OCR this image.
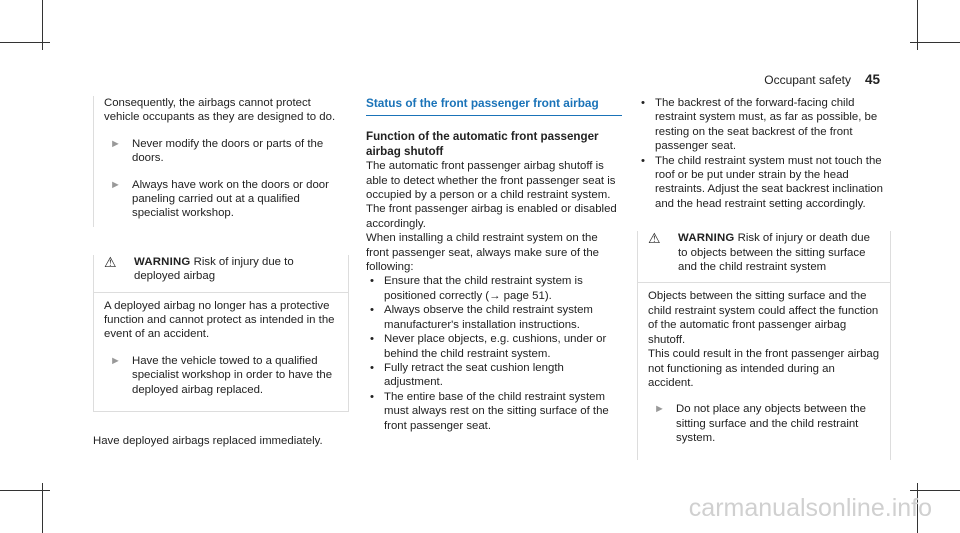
Occupant safety 45

Consequently, the airbags cannot protect vehicle occupants as they are designed to do.

► Never modify the doors or parts of the doors.
► Always have work on the doors or door paneling carried out at a qualified specialist workshop.
⚠	WARNING Risk of injury due to deployed airbag

A deployed airbag no longer has a protective function and cannot protect as intended in the event of an accident.

► Have the vehicle towed to a qualified specialist workshop in order to have the deployed airbag replaced.

Have deployed airbags replaced immediately.

Status of the front passenger front airbag
Function of the automatic front passenger airbag shutoff

The automatic front passenger airbag shutoff is able to detect whether the front passenger seat is occupied by a person or a child restraint system. The front passenger airbag is enabled or disabled accordingly.

When installing a child restraint system on the front passenger seat, always make sure of the following:

• Ensure that the child restraint system is positioned correctly (→ page 51).
• Always observe the child restraint system manufacturer's installation instructions.
• Never place objects, e.g. cushions, under or behind the child restraint system.
• Fully retract the seat cushion length adjustment.
• The entire base of the child restraint system must always rest on the sitting surface of the front passenger seat.
• The backrest of the forward-facing child restraint system must, as far as possible, be resting on the seat backrest of the front passenger seat.
• The child restraint system must not touch the roof or be put under strain by the head restraints. Adjust the seat backrest inclination and the head restraint setting accordingly.
⚠	WARNING Risk of injury or death due to objects between the sitting surface and the child restraint system

Objects between the sitting surface and the child restraint system could affect the function of the automatic front passenger airbag shutoff.

This could result in the front passenger airbag not functioning as intended during an accident.

► Do not place any objects between the sitting surface and the child restraint system.
carmanualsonline.info
